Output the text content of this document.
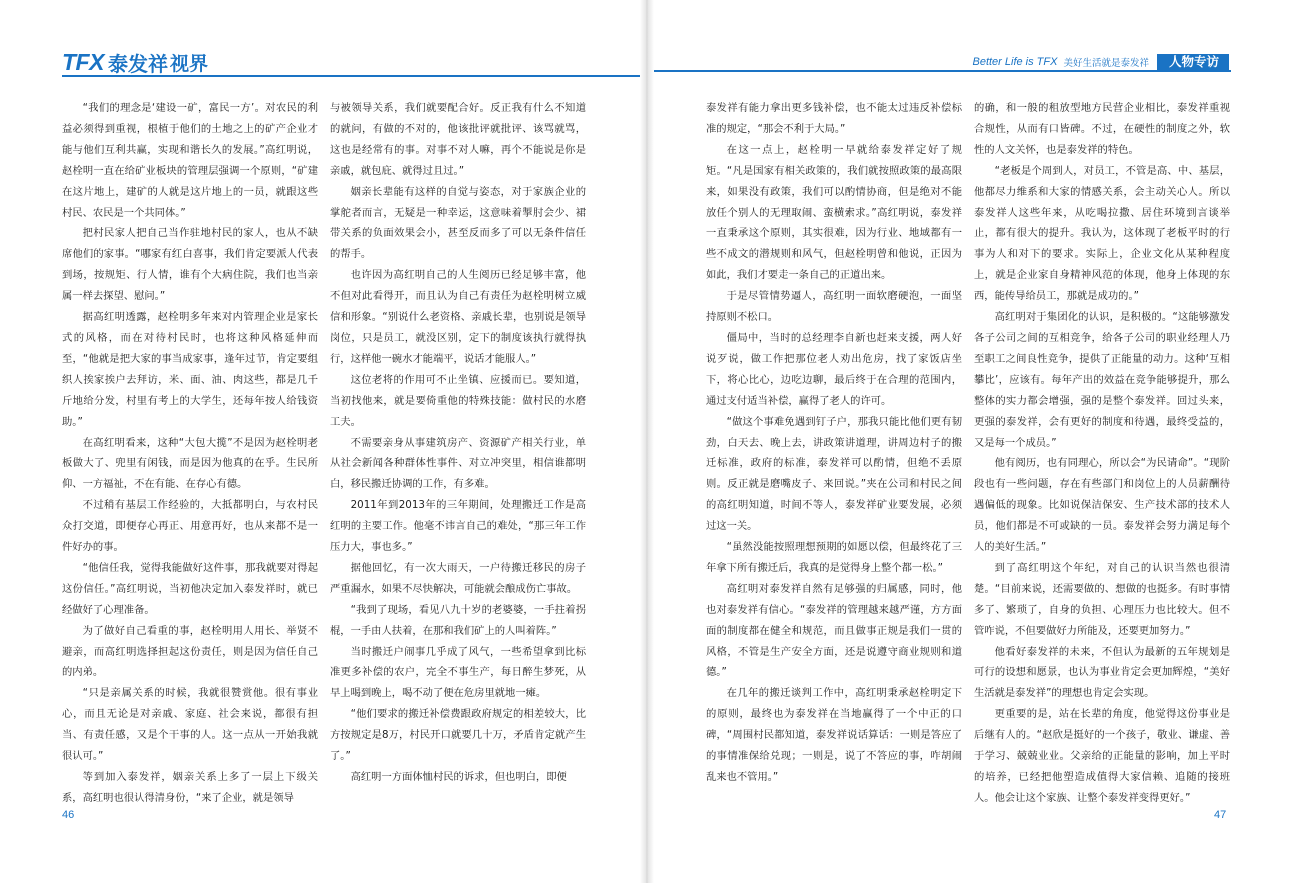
TFX 泰发祥 视界	Better Life is TFX 美好生活就是泰发祥	人物专访

“我们的理念是‘建设一矿，富民一方’。对农民的利益必须得到重视，根植于他们的土地之上的矿产企业才能与他们互利共赢，实现和谐长久的发展。”高红明说，赵栓明一直在给矿业板块的管理层强调一个原则，“矿建在这片地上，建矿的人就是这片地上的一员，就跟这些村民、农民是一个共同体。”

把村民家人把自己当作驻地村民的家人，也从不缺席他们的家事。“哪家有红白喜事，我们肯定要派人代表到场，按规矩、行人情，谁有个大病住院，我们也当亲属一样去探望、慰问。”

据高红明透露，赵栓明多年来对内管理企业是家长式的风格，而在对待村民时，也将这种风格延伸而至，“他就是把大家的事当成家事，逢年过节，肯定要组织人挨家挨户去拜访，米、面、油、肉这些，都是几千斤地给分发，村里有考上的大学生，还每年按人给钱资助。”

在高红明看来，这种“大包大揽”不是因为赵栓明老板做大了、兜里有闲钱，而是因为他真的在乎。生民所仰、一方福祉，不在有能、在存心有德。

不过稍有基层工作经验的，大抵都明白，与农村民众打交道，即便存心再正、用意再好，也从来都不是一件好办的事。

“他信任我，觉得我能做好这件事，那我就要对得起这份信任。”高红明说，当初他决定加入泰发祥时，就已经做好了心理准备。

为了做好自己看重的事，赵栓明用人用长、举贤不避亲，而高红明选择担起这份责任，则是因为信任自己的内弟。

“只是亲属关系的时候，我就很赞赏他。很有事业心，而且无论是对亲戚、家庭、社会来说，都很有担当、有责任感，又是个干事的人。这一点从一开始我就很认可。”

等到加入泰发祥，姻亲关系上多了一层上下级关系，高红明也很认得清身份，“来了企业，就是领导

与被领导关系，我们就要配合好。反正我有什么不知道的就问，有做的不对的，他该批评就批评、该骂就骂，这也是经常有的事。对事不对人嘛，再个不能说是你是亲戚，就包庇、就得过且过。”

姻亲长辈能有这样的自觉与姿态，对于家族企业的掌舵者而言，无疑是一种幸运，这意味着掣肘会少、裙带关系的负面效果会小，甚至反而多了可以无条件信任的帮手。

也许因为高红明自己的人生阅历已经足够丰富，他不但对此看得开，而且认为自己有责任为赵栓明树立威信和形象。“别说什么老资格、亲戚长辈，也别说是领导岗位，只是员工，就没区别，定下的制度该执行就得执行，这样他一碗水才能端平，说话才能服人。”

这位老将的作用可不止坐镇、应援而已。要知道，当初找他来，就是要倚重他的特殊技能：做村民的水磨工夫。

不需要亲身从事建筑房产、资源矿产相关行业，单从社会新闻各种群体性事件、对立冲突里，相信谁都明白，移民搬迁协调的工作，有多难。

2011年到2013年的三年期间，处理搬迁工作是高红明的主要工作。他毫不讳言自己的难处，“那三年工作压力大，事也多。”

据他回忆，有一次大雨天，一户待搬迁移民的房子严重漏水，如果不尽快解决，可能就会酿成伤亡事故。

“我到了现场，看见八九十岁的老婆婆，一手拄着拐棍，一手由人扶着，在那和我们矿上的人叫着阵。”

当时搬迁户闹事几乎成了风气，一些希望拿到比标准更多补偿的农户，完全不事生产，每日醉生梦死，从早上喝到晚上，喝不动了便在危房里就地一瘫。

“他们要求的搬迁补偿费跟政府规定的相差较大，比方按规定是8万，村民开口就要几十万，矛盾肯定就产生了。”

高红明一方面体恤村民的诉求，但也明白，即便

泰发祥有能力拿出更多钱补偿，也不能太过违反补偿标准的规定，“那会不利于大局。”

在这一点上，赵栓明一早就给泰发祥定好了规矩。“凡是国家有相关政策的，我们就按照政策的最高限来，如果没有政策，我们可以酌情协商，但是绝对不能放任个别人的无理取闹、蛮横索求。”高红明说，泰发祥一直秉承这个原则，其实很难，因为行业、地域都有一些不成文的潜规则和风气，但赵栓明曾和他说，正因为如此，我们才要走一条自己的正道出来。

于是尽管情势逼人，高红明一面软磨硬泡，一面坚持原则不松口。

僵局中，当时的总经理李自新也赶来支援，两人好说歹说，做工作把那位老人劝出危房，找了家饭店坐下，将心比心，边吃边聊，最后终于在合理的范围内，通过支付适当补偿，赢得了老人的许可。

“做这个事难免遇到钉子户，那我只能比他们更有韧劲，白天去、晚上去，讲政策讲道理，讲周边村子的搬迁标准，政府的标准，泰发祥可以酌情，但绝不丢原则。反正就是磨嘴皮子、来回说。”夹在公司和村民之间的高红明知道，时间不等人，泰发祥矿业要发展，必须过这一关。

“虽然没能按照理想预期的如愿以偿，但最终花了三年拿下所有搬迁后，我真的是觉得身上整个都一松。”

高红明对泰发祥自然有足够强的归属感，同时，他也对泰发祥有信心。“泰发祥的管理越来越严谨，方方面面的制度都在健全和规范，而且做事正规是我们一贯的风格，不管是生产安全方面，还是说遵守商业规则和道德。”

在几年的搬迁谈判工作中，高红明秉承赵栓明定下的原则，最终也为泰发祥在当地赢得了一个中正的口碑，“周围村民都知道，泰发祥说话算话：一则是答应了的事情准保给兑现；一则是，说了不答应的事，咋胡闹乱来也不管用。”

的确，和一般的租放型地方民营企业相比，泰发祥重视合规性，从而有口皆碑。不过，在硬性的制度之外，软性的人文关怀，也是泰发祥的特色。

“老板是个周到人，对员工，不管是高、中、基层，他都尽力维系和大家的情感关系，会主动关心人。所以泰发祥人这些年来，从吃喝拉撒、居住环境到言谈举止，都有很大的提升。我认为，这体现了老板平时的行事为人和对下的要求。实际上，企业文化从某种程度上，就是企业家自身精神风范的体现，他身上体现的东西，能传导给员工，那就是成功的。”

高红明对于集团化的认识，是积极的。“这能够激发各子公司之间的互相竞争，给各子公司的职业经理人乃至职工之间良性竞争，提供了正能量的动力。这种‘互相攀比’，应该有。每年产出的效益在竞争能够提升，那么整体的实力都会增强，强的是整个泰发祥。回过头来，更强的泰发祥，会有更好的制度和待遇，最终受益的，又是每一个成员。”

他有阅历，也有同理心，所以会“为民请命”。“现阶段也有一些问题，存在有些部门和岗位上的人员薪酬待遇偏低的现象。比如说保洁保安、生产技术部的技术人员，他们都是不可或缺的一员。泰发祥会努力满足每个人的美好生活。”

到了高红明这个年纪，对自己的认识当然也很清楚。“目前来说，还需要做的、想做的也挺多。有时事情多了、繁琐了，自身的负担、心理压力也比较大。但不管咋说，不但要做好力所能及，还要更加努力。”

他看好泰发祥的未来，不但认为最新的五年规划是可行的设想和愿景，也认为事业肯定会更加辉煌，“美好生活就是泰发祥”的理想也肯定会实现。

更重要的是，站在长辈的角度，他觉得这份事业是后继有人的。“赵欣是挺好的一个孩子，敬业、谦虚、善于学习、兢兢业业。父亲给的正能量的影响，加上平时的培养，已经把他塑造成值得大家信赖、追随的接班人。他会让这个家族、让整个泰发祥变得更好。”

46	47
